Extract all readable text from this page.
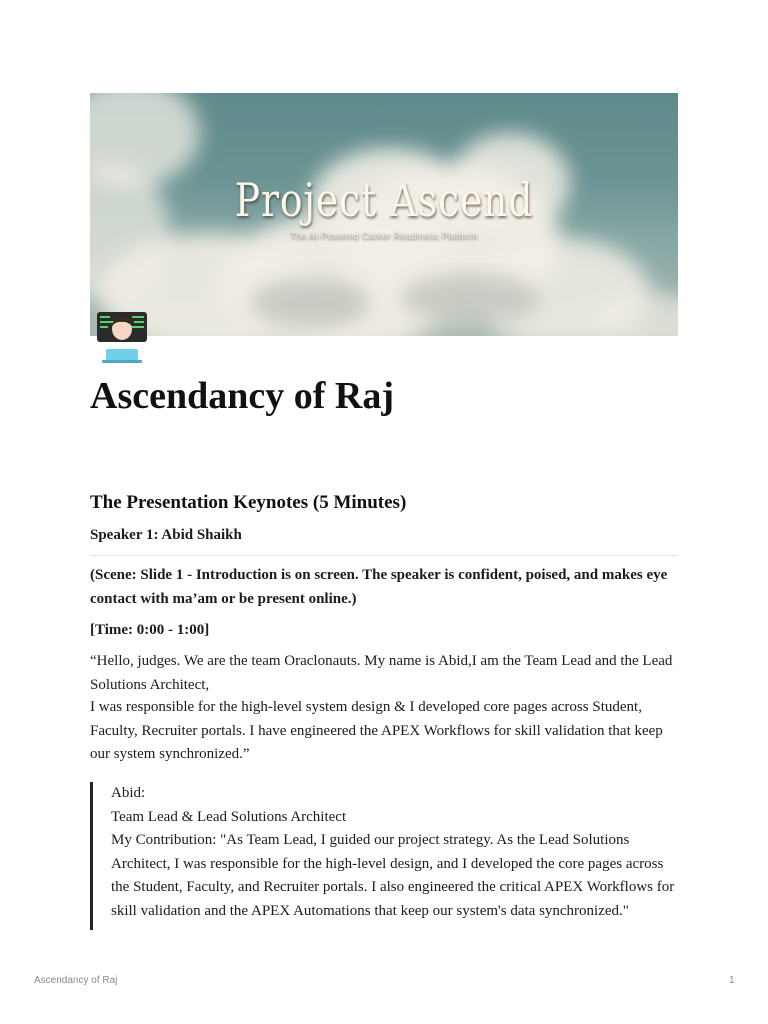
Project Ascend
The AI-Powered Career Readiness Platform
Ascendancy of Raj
The Presentation Keynotes (5 Minutes)

Speaker 1: Abid Shaikh

(Scene: Slide 1 - Introduction is on screen. The speaker is confident, poised, and makes eye contact with ma’am or be present online.)

[Time: 0:00 - 1:00]

“Hello, judges. We are the team Oraclonauts. My name is Abid,I am the Team Lead and the Lead Solutions Architect,

I was responsible for the high-level system design & I developed core pages across Student, Faculty, Recruiter portals. I have engineered the APEX Workflows for skill validation that keep our system synchronized.”

Abid:
Team Lead & Lead Solutions Architect
My Contribution: "As Team Lead, I guided our project strategy. As the Lead Solutions Architect, I was responsible for the high-level design, and I developed the core pages across the Student, Faculty, and Recruiter portals. I also engineered the critical APEX Workflows for skill validation and the APEX Automations that keep our system's data synchronized."
Ascendancy of Raj	1
